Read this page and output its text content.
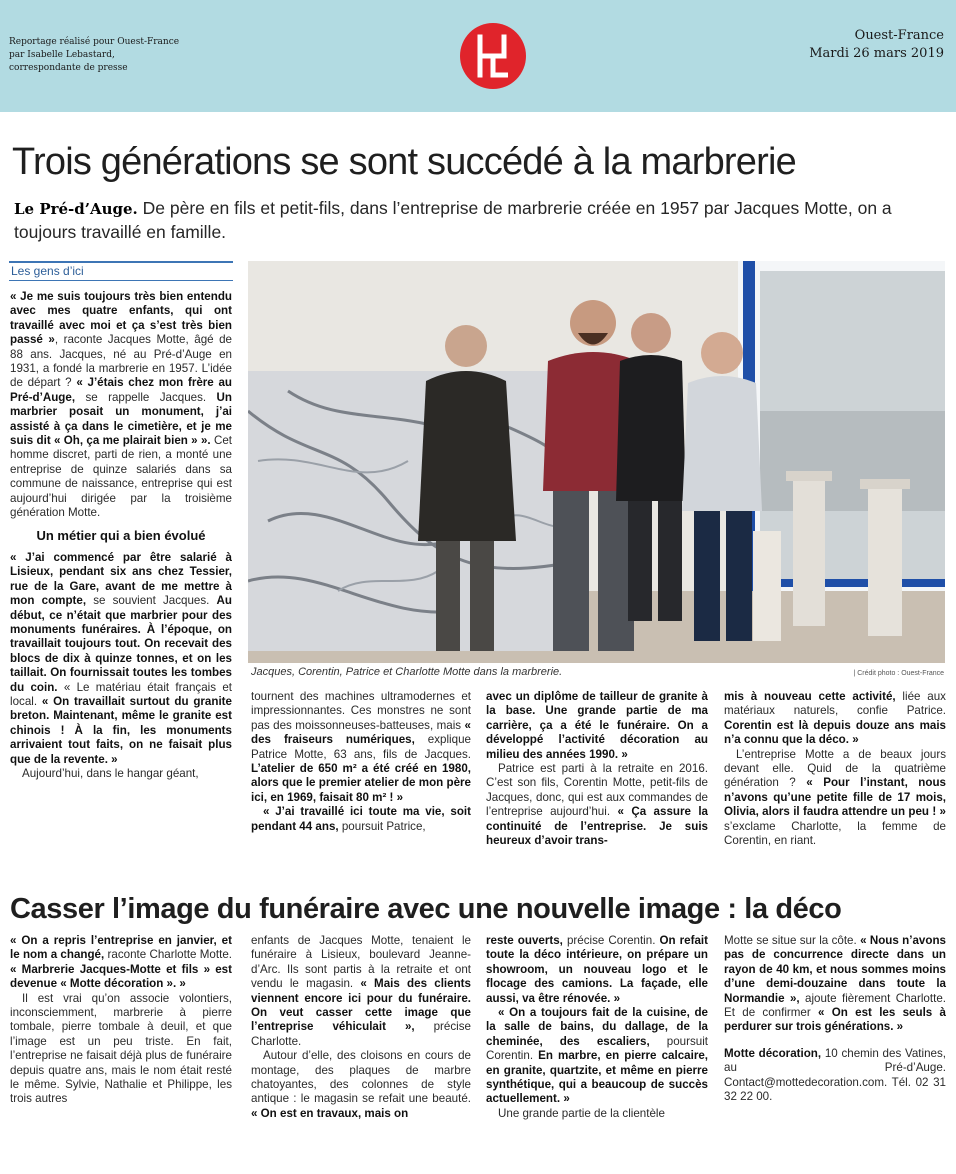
Reportage réalisé pour Ouest-France
par Isabelle Lebastard,
correspondante de presse
Ouest-France
Mardi 26 mars 2019
Trois générations se sont succédé à la marbrerie
Le Pré-d’Auge. De père en fils et petit-fils, dans l’entreprise de marbrerie créée en 1957 par Jacques Motte, on a toujours travaillé en famille.
Les gens d’ici

« Je me suis toujours très bien entendu avec mes quatre enfants, qui ont travaillé avec moi et ça s’est très bien passé », raconte Jacques Motte, âgé de 88 ans. Jacques, né au Pré-d’Auge en 1931, a fondé la marbrerie en 1957. L’idée de départ ? « J’étais chez mon frère au Pré-d’Auge, se rappelle Jacques. Un marbrier posait un monument, j’ai assisté à ça dans le cimetière, et je me suis dit « Oh, ça me plairait bien » ». Cet homme discret, parti de rien, a monté une entreprise de quinze salariés dans sa commune de naissance, entreprise qui est aujourd’hui dirigée par la troisième génération Motte.

Un métier qui a bien évolué

« J’ai commencé par être salarié à Lisieux, pendant six ans chez Tessier, rue de la Gare, avant de me mettre à mon compte, se souvient Jacques. Au début, ce n’était que marbrier pour des monuments funéraires. À l’époque, on travaillait toujours tout. On recevait des blocs de dix à quinze tonnes, et on les taillait. On fournissait toutes les tombes du coin. « Le matériau était français et local. « On travaillait surtout du granite breton. Maintenant, même le granite est chinois ! À la fin, les monuments arrivaient tout faits, on ne faisait plus que de la revente. »

Aujourd’hui, dans le hangar géant,

Jacques, Corentin, Patrice et Charlotte Motte dans la marbrerie.	| Crédit photo : Ouest-France

tournent des machines ultramodernes et impressionnantes. Ces monstres ne sont pas des moissonneuses-batteuses, mais « des fraiseurs numériques, explique Patrice Motte, 63 ans, fils de Jacques. L’atelier de 650 m² a été créé en 1980, alors que le premier atelier de mon père ici, en 1969, faisait 80 m² ! »

« J’ai travaillé ici toute ma vie, soit pendant 44 ans, poursuit Patrice,

avec un diplôme de tailleur de granite à la base. Une grande partie de ma carrière, ça a été le funéraire. On a développé l’activité décoration au milieu des années 1990. »

Patrice est parti à la retraite en 2016. C’est son fils, Corentin Motte, petit-fils de Jacques, donc, qui est aux commandes de l’entreprise aujourd’hui. « Ça assure la continuité de l’entreprise. Je suis heureux d’avoir trans-

mis à nouveau cette activité, liée aux matériaux naturels, confie Patrice. Corentin est là depuis douze ans mais n’a connu que la déco. »

L’entreprise Motte a de beaux jours devant elle. Quid de la quatrième génération ? « Pour l’instant, nous n’avons qu’une petite fille de 17 mois, Olivia, alors il faudra attendre un peu ! » s’exclame Charlotte, la femme de Corentin, en riant.

Casser l’image du funéraire avec une nouvelle image : la déco

« On a repris l’entreprise en janvier, et le nom a changé, raconte Charlotte Motte. « Marbrerie Jacques-Motte et fils » est devenue « Motte décoration ». »

Il est vrai qu’on associe volontiers, inconsciemment, marbrerie à pierre tombale, pierre tombale à deuil, et que l’image est un peu triste. En fait, l’entreprise ne faisait déjà plus de funéraire depuis quatre ans, mais le nom était resté le même. Sylvie, Nathalie et Philippe, les trois autres

enfants de Jacques Motte, tenaient le funéraire à Lisieux, boulevard Jeanne-d’Arc. Ils sont partis à la retraite et ont vendu le magasin. « Mais des clients viennent encore ici pour du funéraire. On veut casser cette image que l’entreprise véhiculait », précise Charlotte.

Autour d’elle, des cloisons en cours de montage, des plaques de marbre chatoyantes, des colonnes de style antique : le magasin se refait une beauté. « On est en travaux, mais on

reste ouverts, précise Corentin. On refait toute la déco intérieure, on prépare un showroom, un nouveau logo et le flocage des camions. La façade, elle aussi, va être rénovée. »

« On a toujours fait de la cuisine, de la salle de bains, du dallage, de la cheminée, des escaliers, poursuit Corentin. En marbre, en pierre calcaire, en granite, quartzite, et même en pierre synthétique, qui a beaucoup de succès actuellement. »

Une grande partie de la clientèle

Motte se situe sur la côte. « Nous n’avons pas de concurrence directe dans un rayon de 40 km, et nous sommes moins d’une demi-douzaine dans toute la Normandie », ajoute fièrement Charlotte. Et de confirmer « On est les seuls à perdurer sur trois générations. »

Motte décoration, 10 chemin des Vatines, au Pré-d’Auge. Contact@mottedecoration.com. Tél. 02 31 32 22 00.
